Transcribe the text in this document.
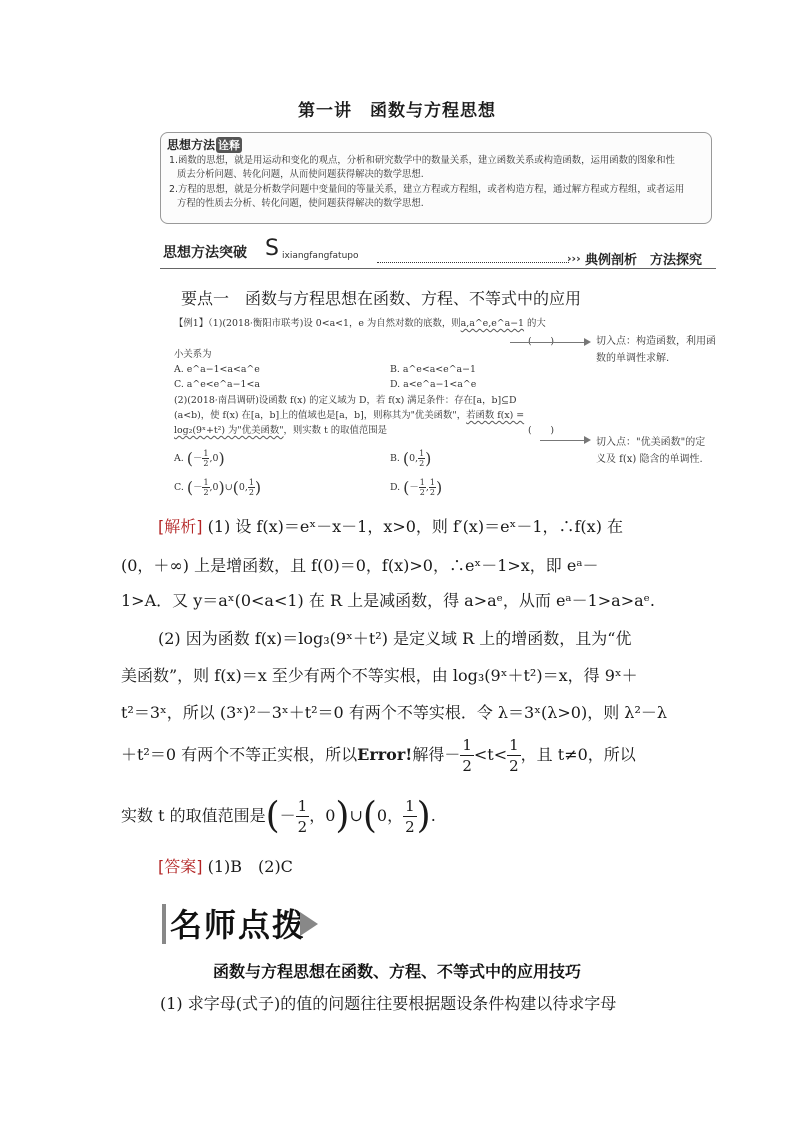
第一讲　函数与方程思想
思想方法 诠释
1.函数的思想，就是用运动和变化的观点，分析和研究数学中的数量关系，建立函数关系或构造函数，运用函数的图象和性
质去分析问题、转化问题，从而使问题获得解决的数学思想.
2.方程的思想，就是分析数学问题中变量间的等量关系，建立方程或方程组，或者构造方程，通过解方程或方程组，或者运用
方程的性质去分析、转化问题，使问题获得解决的数学思想.
思想方法突破 S ixiangfangfatupo	››› 典例剖析　方法探究
要点一　函数与方程思想在函数、方程、不等式中的应用
【例1】（1)(2018·衡阳市联考)设 0<a<1，e 为自然对数的底数，则a,a^e,e^a−1 的大
(　　)
小关系为
A. e^a−1<a<a^e	B. a^e<a<e^a−1
C. a^e<e^a−1<a	D. a<e^a−1<a^e
(2)(2018·南昌调研)设函数 f(x) 的定义域为 D，若 f(x) 满足条件：存在[a，b]⊆D
(a<b)，使 f(x) 在[a，b]上的值域也是[a，b]，则称其为"优美函数"，若函数 f(x) =
log₂(9ˣ+t²) 为"优美函数"，则实数 t 的取值范围是	(　　)
A. (－ $\frac{1}{2} ,0$)	B. (0, $\frac{1}{2}$ )
C. (－ $\frac{1}{2}$ ,0)∪(0, $\frac{1}{2}$ )	D. (－ $\frac{1}{2}$ , $\frac{1}{2}$ )
切入点：构造函数，利用函
数的单调性求解.
切入点："优美函数"的定
义及 f(x) 隐含的单调性.
[解析] (1) 设 f(x)＝eˣ－x－1，x>0，则 f′(x)＝eˣ－1，∴f(x) 在
(0，＋∞) 上是增函数，且 f(0)＝0，f(x)>0，∴eˣ－1>x，即 eᵃ－
1>A．又 y＝aˣ(0<a<1) 在 R 上是减函数，得 a>aᵉ，从而 eᵃ－1>a>aᵉ.
(2) 因为函数 f(x)＝log₃(9ˣ＋t²) 是定义域 R 上的增函数，且为“优
美函数”，则 f(x)＝x 至少有两个不等实根，由 log₃(9ˣ＋t²)＝x，得 9ˣ＋
t²＝3ˣ，所以 (3ˣ)²－3ˣ＋t²＝0 有两个不等实根．令 λ＝3ˣ(λ>0)，则 λ²－λ
＋t²＝0 有两个不等正实根，所以Error!解得－ $\frac{1}{2} <t< \frac{1}{2}$ ，且 t≠0，所以
实数 t 的取值范围是(－ $\frac{1}{2}$ ，0)∪(0， $\frac{1}{2}$ ).
[答案] (1)B　(2)C
名师点拨
函数与方程思想在函数、方程、不等式中的应用技巧
(1) 求字母(式子)的值的问题往往要根据题设条件构建以待求字母
